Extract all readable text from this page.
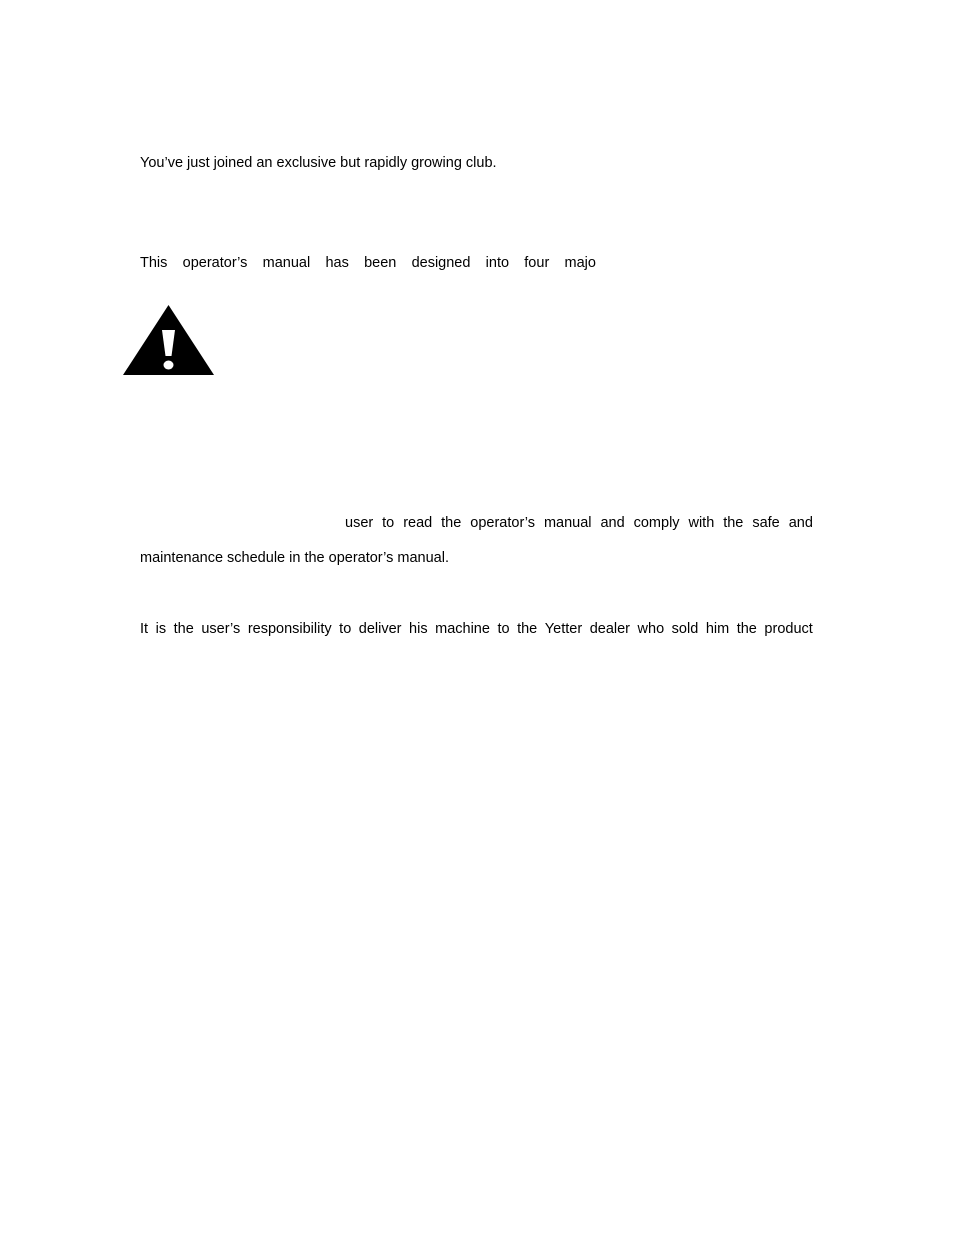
You’ve just joined an exclusive but rapidly growing club.
This operator’s manual has been designed into four majo
user to read the operator’s manual and comply with the safe and
maintenance schedule in the operator’s manual.
It is the user’s responsibility to deliver his machine to the Yetter dealer who sold him the product
